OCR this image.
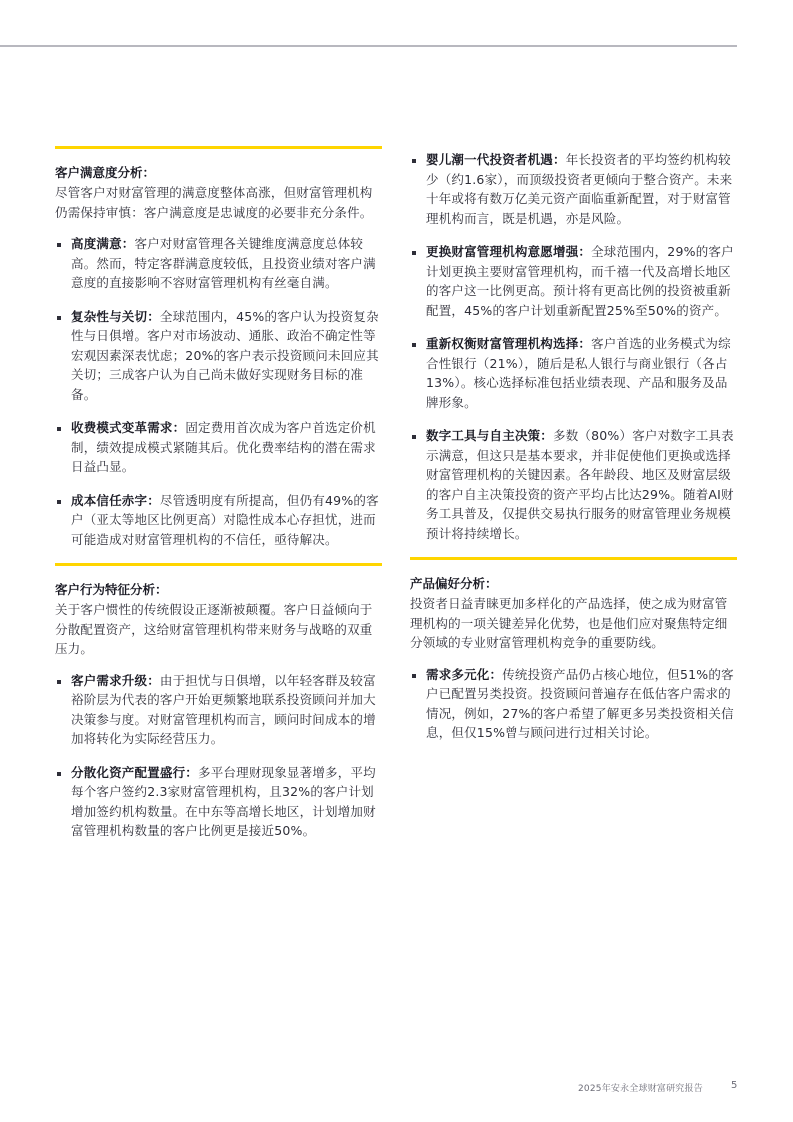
客户满意度分析：

尽管客户对财富管理的满意度整体高涨，但财富管理机构仍需保持审慎：客户满意度是忠诚度的必要非充分条件。

高度满意：客户对财富管理各关键维度满意度总体较高。然而，特定客群满意度较低，且投资业绩对客户满意度的直接影响不容财富管理机构有丝毫自满。
复杂性与关切：全球范围内，45%的客户认为投资复杂性与日俱增。客户对市场波动、通胀、政治不确定性等宏观因素深表忧虑；20%的客户表示投资顾问未回应其关切；三成客户认为自己尚未做好实现财务目标的准备。
收费模式变革需求：固定费用首次成为客户首选定价机制，绩效提成模式紧随其后。优化费率结构的潜在需求日益凸显。
成本信任赤字：尽管透明度有所提高，但仍有49%的客户（亚太等地区比例更高）对隐性成本心存担忧，进而可能造成对财富管理机构的不信任，亟待解决。
客户行为特征分析：

关于客户惯性的传统假设正逐渐被颠覆。客户日益倾向于分散配置资产，这给财富管理机构带来财务与战略的双重压力。

客户需求升级：由于担忧与日俱增，以年轻客群及较富裕阶层为代表的客户开始更频繁地联系投资顾问并加大决策参与度。对财富管理机构而言，顾问时间成本的增加将转化为实际经营压力。
分散化资产配置盛行：多平台理财现象显著增多，平均每个客户签约2.3家财富管理机构，且32%的客户计划增加签约机构数量。在中东等高增长地区，计划增加财富管理机构数量的客户比例更是接近50%。
婴儿潮一代投资者机遇：年长投资者的平均签约机构较少（约1.6家），而顶级投资者更倾向于整合资产。未来十年或将有数万亿美元资产面临重新配置，对于财富管理机构而言，既是机遇，亦是风险。
更换财富管理机构意愿增强：全球范围内，29%的客户计划更换主要财富管理机构，而千禧一代及高增长地区的客户这一比例更高。预计将有更高比例的投资被重新配置，45%的客户计划重新配置25%至50%的资产。
重新权衡财富管理机构选择：客户首选的业务模式为综合性银行（21%），随后是私人银行与商业银行（各占13%）。核心选择标准包括业绩表现、产品和服务及品牌形象。
数字工具与自主决策：多数（80%）客户对数字工具表示满意，但这只是基本要求，并非促使他们更换或选择财富管理机构的关键因素。各年龄段、地区及财富层级的客户自主决策投资的资产平均占比达29%。随着AI财务工具普及，仅提供交易执行服务的财富管理业务规模预计将持续增长。
产品偏好分析：

投资者日益青睐更加多样化的产品选择，使之成为财富管理机构的一项关键差异化优势，也是他们应对聚焦特定细分领域的专业财富管理机构竞争的重要防线。

需求多元化：传统投资产品仍占核心地位，但51%的客户已配置另类投资。投资顾问普遍存在低估客户需求的情况，例如，27%的客户希望了解更多另类投资相关信息，但仅15%曾与顾问进行过相关讨论。
2025年安永全球财富研究报告	5
